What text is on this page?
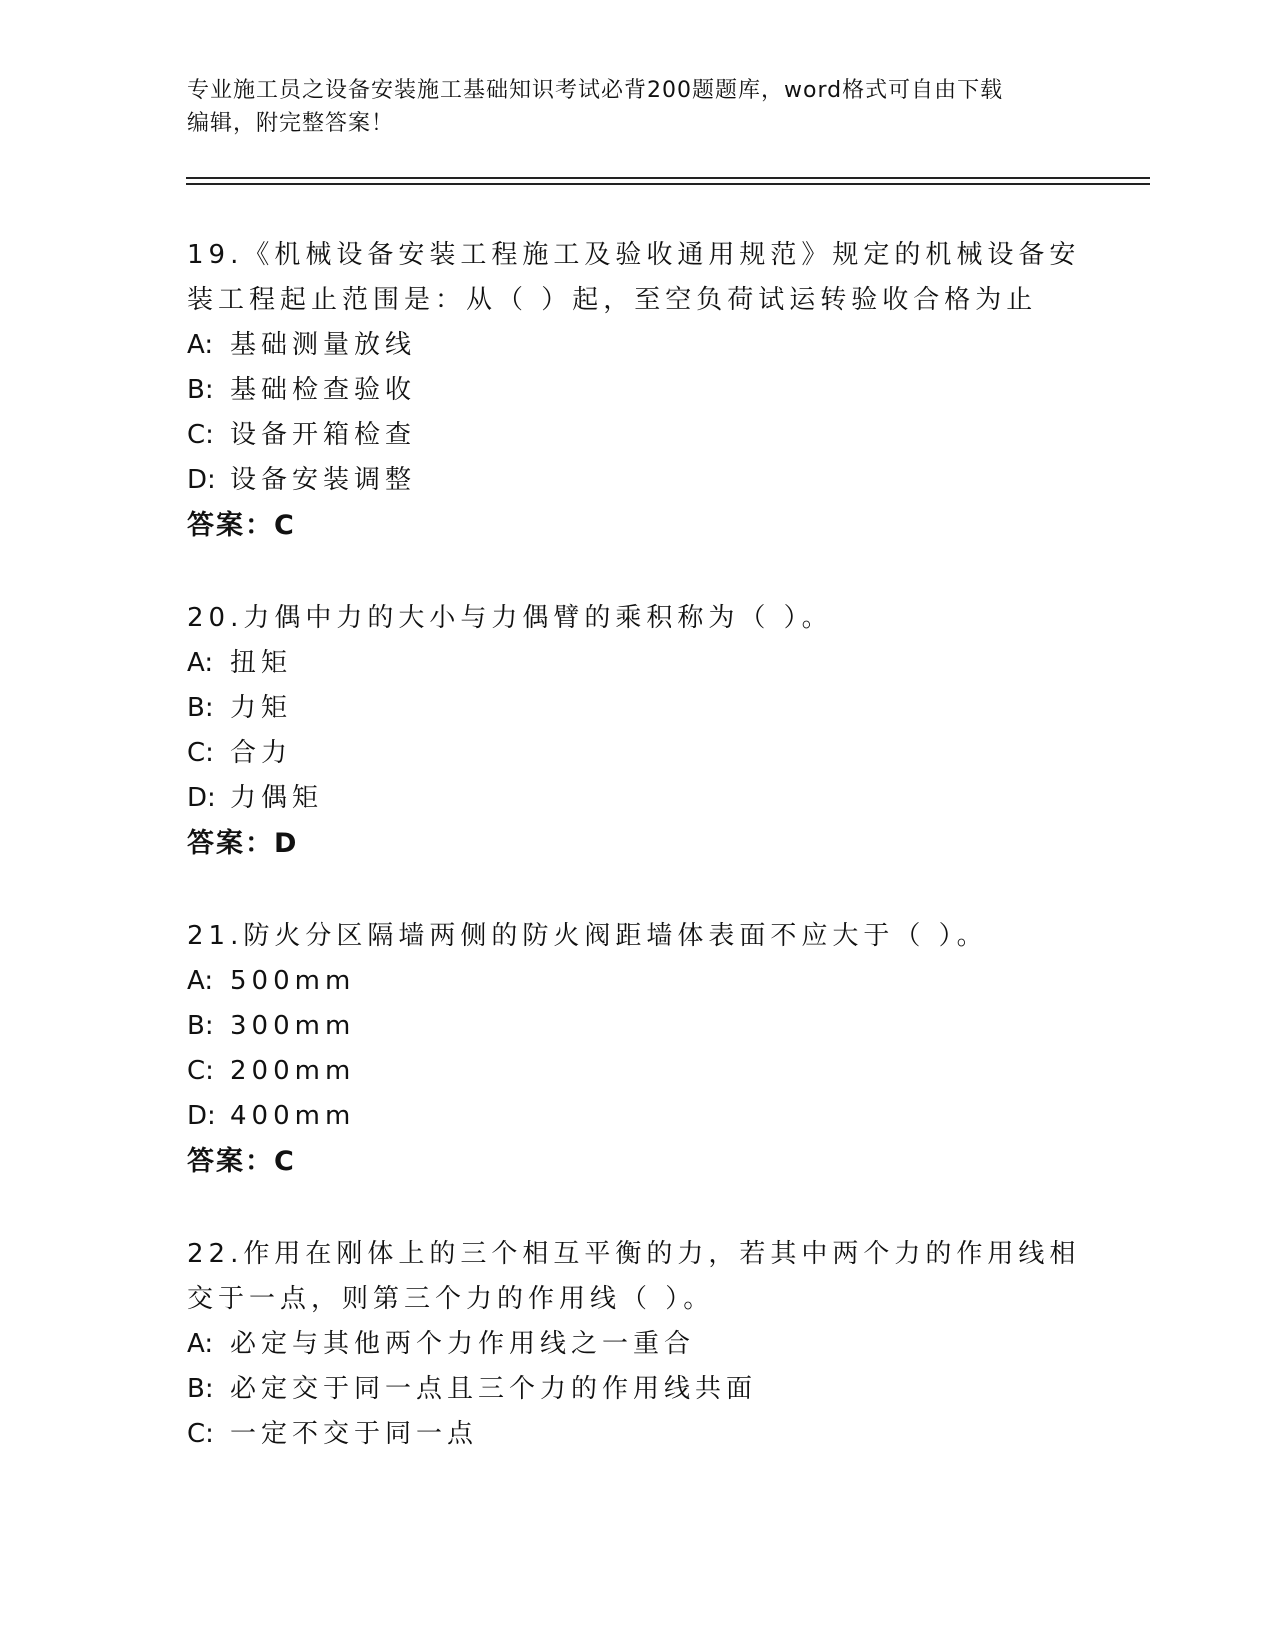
专业施工员之设备安装施工基础知识考试必背200题题库，word格式可自由下载
编辑，附完整答案！

19.《机械设备安装工程施工及验收通用规范》规定的机械设备安装工程起止范围是：从（ ）起，至空负荷试运转验收合格为止

A: 基础测量放线

B: 基础检查验收

C: 设备开箱检查

D: 设备安装调整

答案：C

20.力偶中力的大小与力偶臂的乘积称为（ ）。

A: 扭矩

B: 力矩

C: 合力

D: 力偶矩

答案：D

21.防火分区隔墙两侧的防火阀距墙体表面不应大于（ ）。

A: 500mm

B: 300mm

C: 200mm

D: 400mm

答案：C

22.作用在刚体上的三个相互平衡的力，若其中两个力的作用线相交于一点，则第三个力的作用线（ ）。

A: 必定与其他两个力作用线之一重合

B: 必定交于同一点且三个力的作用线共面

C: 一定不交于同一点
